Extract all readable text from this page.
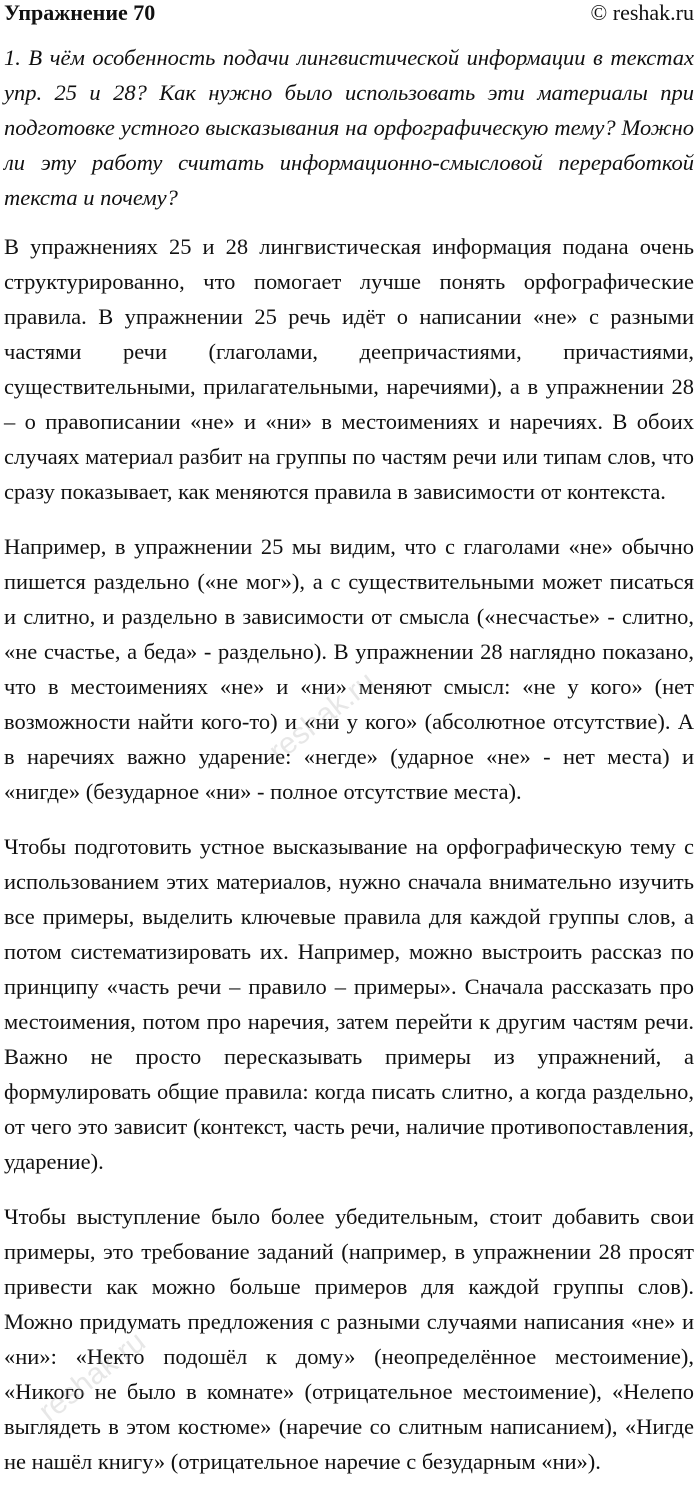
Упражнение 70	© reshak.ru

1. В чём особенность подачи лингвистической информации в текстах упр. 25 и 28? Как нужно было использовать эти материалы при подготовке устного высказывания на орфографическую тему? Можно ли эту работу считать информационно-смысловой переработкой текста и почему?

В упражнениях 25 и 28 лингвистическая информация подана очень структурированно, что помогает лучше понять орфографические правила. В упражнении 25 речь идёт о написании «не» с разными частями речи (глаголами, деепричастиями, причастиями, существительными, прилагательными, наречиями), а в упражнении 28 – о правописании «не» и «ни» в местоимениях и наречиях. В обоих случаях материал разбит на группы по частям речи или типам слов, что сразу показывает, как меняются правила в зависимости от контекста.

Например, в упражнении 25 мы видим, что с глаголами «не» обычно пишется раздельно («не мог»), а с существительными может писаться и слитно, и раздельно в зависимости от смысла («несчастье» - слитно, «не счастье, а беда» - раздельно). В упражнении 28 наглядно показано, что в местоимениях «не» и «ни» меняют смысл: «не у кого» (нет возможности найти кого-то) и «ни у кого» (абсолютное отсутствие). А в наречиях важно ударение: «негде» (ударное «не» - нет места) и «нигде» (безударное «ни» - полное отсутствие места).

Чтобы подготовить устное высказывание на орфографическую тему с использованием этих материалов, нужно сначала внимательно изучить все примеры, выделить ключевые правила для каждой группы слов, а потом систематизировать их. Например, можно выстроить рассказ по принципу «часть речи – правило – примеры». Сначала рассказать про местоимения, потом про наречия, затем перейти к другим частям речи. Важно не просто пересказывать примеры из упражнений, а формулировать общие правила: когда писать слитно, а когда раздельно, от чего это зависит (контекст, часть речи, наличие противопоставления, ударение).

Чтобы выступление было более убедительным, стоит добавить свои примеры, это требование заданий (например, в упражнении 28 просят привести как можно больше примеров для каждой группы слов). Можно придумать предложения с разными случаями написания «не» и «ни»: «Некто подошёл к дому» (неопределённое местоимение), «Никого не было в комнате» (отрицательное местоимение), «Нелепо выглядеть в этом костюме» (наречие со слитным написанием), «Нигде не нашёл книгу» (отрицательное наречие с безударным «ни»).

reshak.ru
reshak.ru
